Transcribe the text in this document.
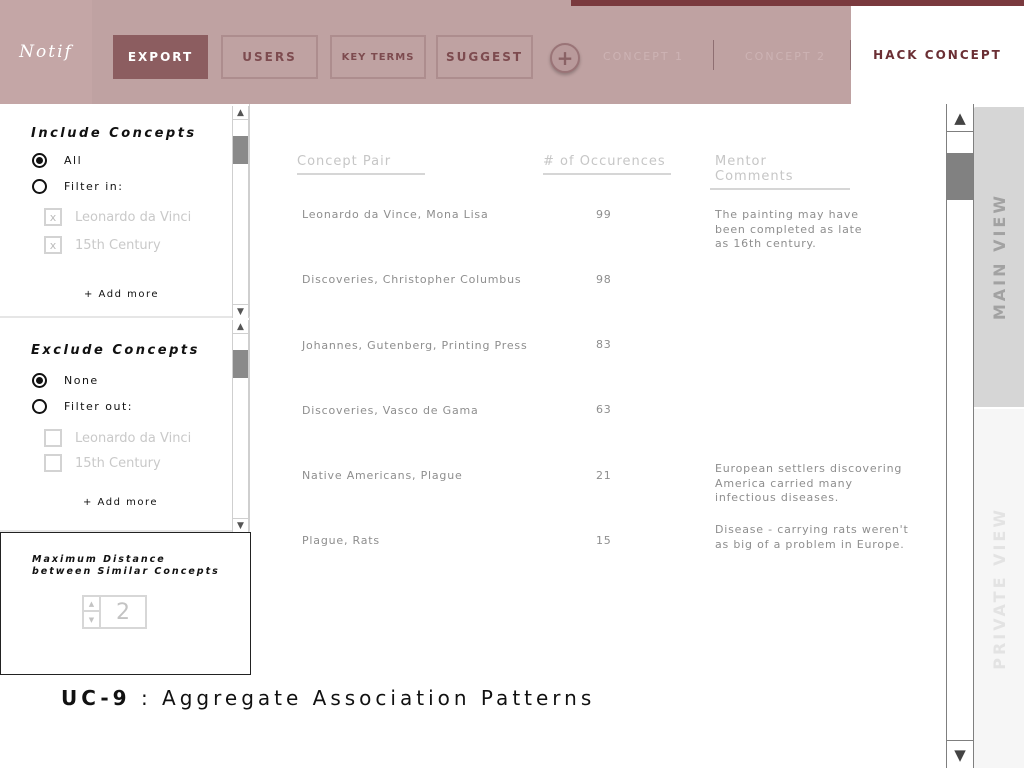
Notif	EXPORT	USERS	KEY TERMS	SUGGEST	+	CONCEPT 1	CONCEPT 2	HACK CONCEPT
Include Concepts
All
Filter in:
x	Leonardo da Vinci
x	15th Century
+ Add more
▲
▼
Exclude Concepts
None
Filter out:
Leonardo da Vinci
15th Century
+ Add more
▲
▼
Maximum Distance
between Similar Concepts
▲
▼ 2
UC-9 : Aggregate Association Patterns
Concept Pair	# of Occurences	Mentor Comments
Leonardo da Vince, Mona Lisa	99	The painting may have
been completed as late
as 16th century.
Discoveries, Christopher Columbus	98
Johannes, Gutenberg, Printing Press	83
Discoveries, Vasco de Gama	63
Native Americans, Plague	21
European settlers discovering
America carried many
infectious diseases.
Plague, Rats	15
Disease - carrying rats weren't
as big of a problem in Europe.
▲
▼
MAIN VIEW
PRIVATE VIEW
